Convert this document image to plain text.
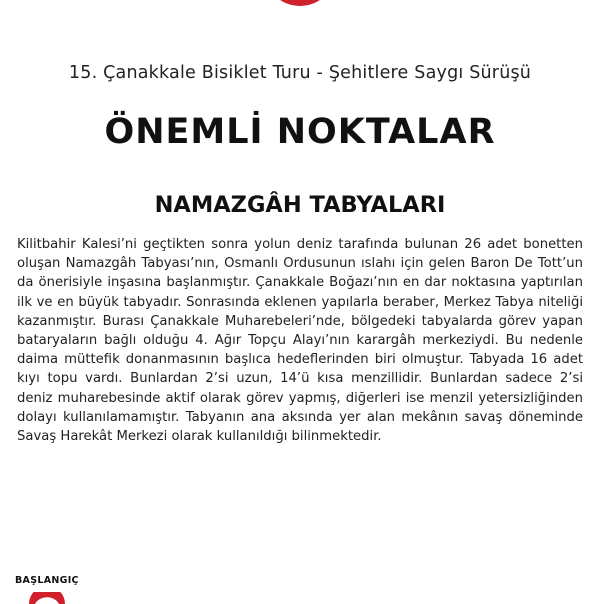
15. Çanakkale Bisiklet Turu - Şehitlere Saygı Sürüşü
ÖNEMLİ NOKTALAR
NAMAZGÂH TABYALARI

Kilitbahir Kalesi’ni geçtikten sonra yolun deniz tarafında bulunan 26 adet bonetten oluşan Namazgâh Tabyası’nın, Osmanlı Ordusunun ıslahı için gelen Baron De Tott’un da önerisiyle inşasına başlanmıştır. Çanakkale Boğazı’nın en dar noktasına yaptırılan ilk ve en büyük tabyadır. Sonrasında eklenen yapılarla beraber, Merkez Tabya niteliği kazanmıştır. Burası Çanakkale Muharebeleri’nde, bölgedeki tabyalarda görev yapan bataryaların bağlı olduğu 4. Ağır Topçu Alayı’nın karargâh merkeziydi. Bu nedenle daima müttefik donanmasının başlıca hedeflerinden biri olmuştur. Tabyada 16 adet kıyı topu vardı. Bunlardan 2’si uzun, 14’ü kısa menzillidir. Bunlardan sadece 2’si deniz muharebesinde aktif olarak görev yapmış, diğerleri ise menzil yetersizliğinden dolayı kullanılamamıştır. Tabyanın ana aksında yer alan mekânın savaş döneminde Savaş Harekât Merkezi olarak kullanıldığı bilinmektedir.

BAŞLANGIÇ
